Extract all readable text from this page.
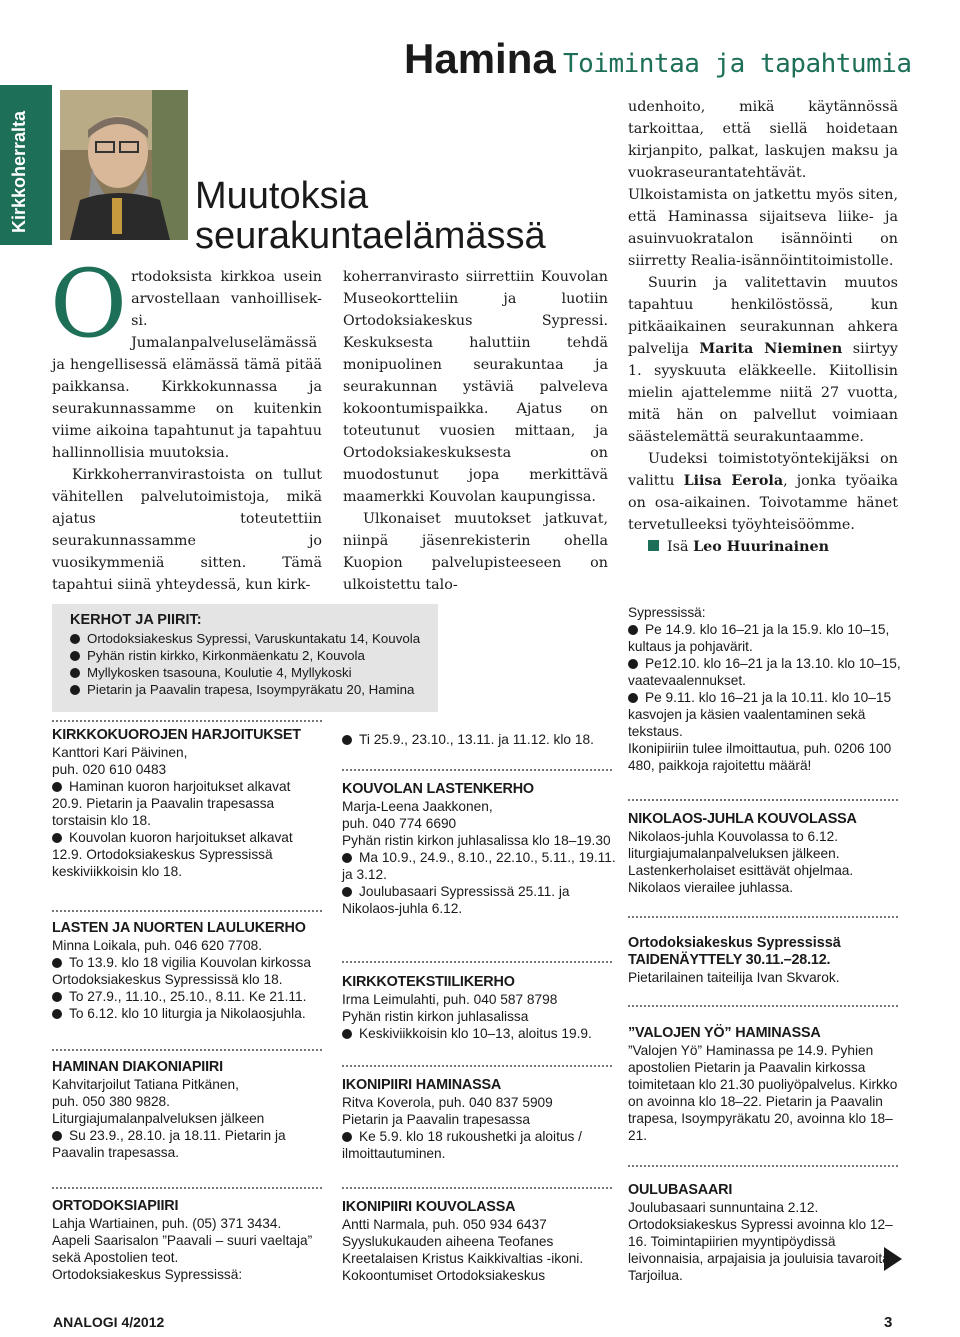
Kirkkoherralta
Hamina Toimintaa ja tapahtumia
Muutoksia
seurakuntaelämässä

Ortodoksista kirkkoa usein arvostellaan vanhoillisek-si. Jumalanpalveluselämässä ja hengellisessä elämässä tämä pitää paikkansa. Kirkkokunnassa ja seurakunnassamme on kuitenkin viime aikoina tapahtunut ja tapahtuu hallinnollisia muutoksia.

Kirkkoherranvirastoista on tullut vähitellen palvelutoimistoja, mikä ajatus toteutettiin seurakunnassamme jo vuosikymmeniä sitten. Tämä tapahtui siinä yhteydessä, kun kirk-

koherranvirasto siirrettiin Kouvolan Museokortteliin ja luotiin Ortodoksiakeskus Sypressi. Keskuksesta haluttiin tehdä monipuolinen seurakuntaa ja seurakunnan ystäviä palveleva kokoontumispaikka. Ajatus on toteutunut vuosien mittaan, ja Ortodoksiakeskuksesta on muodostunut jopa merkittävä maamerkki Kouvolan kaupungissa.

Ulkonaiset muutokset jatkuvat, niinpä jäsenrekisterin ohella Kuopion palvelupisteeseen on ulkoistettu talo-

udenhoito, mikä käytännössä tarkoittaa, että siellä hoidetaan kirjanpito, palkat, laskujen maksu ja vuokraseurantatehtävät. Ulkoistamista on jatkettu myös siten, että Haminassa sijaitseva liike- ja asuinvuokratalon isännöinti on siirretty Realia-isännöintitoimistolle.

Suurin ja valitettavin muutos tapahtuu henkilöstössä, kun pitkäaikainen seurakunnan ahkera palvelija Marita Nieminen siirtyy 1. syyskuuta eläkkeelle. Kiitollisin mielin ajattelemme niitä 27 vuotta, mitä hän on palvellut voimiaan säästelemättä seurakuntaamme.

Uudeksi toimistotyöntekijäksi on valittu Liisa Eerola, jonka työaika on osa-aikainen. Toivotamme hänet tervetulleeksi työyhteisöömme.

Isä Leo Huurinainen

KERHOT JA PIIRIT:
Ortodoksiakeskus Sypressi, Varuskuntakatu 14, Kouvola
Pyhän ristin kirkko, Kirkonmäenkatu 2, Kouvola
Myllykosken tsasouna, Koulutie 4, Myllykoski
Pietarin ja Paavalin trapesa, Isoympyräkatu 20, Hamina
KIRKKOKUOROJEN HARJOITUKSET
Kanttori Kari Päivinen,
puh. 020 610 0483
Haminan kuoron harjoitukset alkavat 20.9. Pietarin ja Paavalin trapesassa torstaisin klo 18.
Kouvolan kuoron harjoitukset alkavat 12.9. Ortodoksiakeskus Sypressissä keskiviikkoisin klo 18.
LASTEN JA NUORTEN LAULUKERHO
Minna Loikala, puh. 046 620 7708.
To 13.9. klo 18 vigilia Kouvolan kirkossa Ortodoksiakeskus Sypressissä klo 18.
To 27.9., 11.10., 25.10., 8.11. Ke 21.11.
To 6.12. klo 10 liturgia ja Nikolaosjuhla.
HAMINAN DIAKONIAPIIRI
Kahvitarjoilut Tatiana Pitkänen,
puh. 050 380 9828.
Liturgiajumalanpalveluksen jälkeen
Su 23.9., 28.10. ja 18.11. Pietarin ja Paavalin trapesassa.
ORTODOKSIAPIIRI
Lahja Wartiainen, puh. (05) 371 3434.
Aapeli Saarisalon ”Paavali – suuri vaeltaja” sekä Apostolien teot.
Ortodoksiakeskus Sypressissä:
Ti 25.9., 23.10., 13.11. ja 11.12. klo 18.
KOUVOLAN LASTENKERHO
Marja-Leena Jaakkonen,
puh. 040 774 6690
Pyhän ristin kirkon juhlasalissa klo 18–19.30
Ma 10.9., 24.9., 8.10., 22.10., 5.11., 19.11. ja 3.12.
Joulubasaari Sypressissä 25.11. ja Nikolaos-juhla 6.12.
KIRKKOTEKSTIILIKERHO
Irma Leimulahti, puh. 040 587 8798
Pyhän ristin kirkon juhlasalissa
Keskiviikkoisin klo 10–13, aloitus 19.9.
IKONIPIIRI HAMINASSA
Ritva Koverola, puh. 040 837 5909
Pietarin ja Paavalin trapesassa
Ke 5.9. klo 18 rukoushetki ja aloitus / ilmoittautuminen.
IKONIPIIRI KOUVOLASSA
Antti Narmala, puh. 050 934 6437
Syyslukukauden aiheena Teofanes Kreetalaisen Kristus Kaikkivaltias -ikoni. Kokoontumiset Ortodoksiakeskus
Sypressissä:
Pe 14.9. klo 16–21 ja la 15.9. klo 10–15, kultaus ja pohjavärit.
Pe12.10. klo 16–21 ja la 13.10. klo 10–15, vaatevaalennukset.
Pe 9.11. klo 16–21 ja la 10.11. klo 10–15 kasvojen ja käsien vaalentaminen sekä tekstaus.
Ikonipiiriin tulee ilmoittautua, puh. 0206 100 480, paikkoja rajoitettu määrä!
NIKOLAOS-JUHLA KOUVOLASSA
Nikolaos-juhla Kouvolassa to 6.12. liturgiajumalanpalveluksen jälkeen. Lastenkerholaiset esittävät ohjelmaa. Nikolaos vierailee juhlassa.
Ortodoksiakeskus Sypressissä
TAIDENÄYTTELY 30.11.–28.12.
Pietarilainen taiteilija Ivan Skvarok.
”VALOJEN YÖ” HAMINASSA
”Valojen Yö” Haminassa pe 14.9. Pyhien apostolien Pietarin ja Paavalin kirkossa toimitetaan klo 21.30 puoliyöpalvelus. Kirkko on avoinna klo 18–22. Pietarin ja Paavalin trapesa, Isoympyräkatu 20, avoinna klo 18–21.
OULUBASAARI
Joulubasaari sunnuntaina 2.12. Ortodoksiakeskus Sypressi avoinna klo 12–16. Toimintapiirien myyntipöydissä leivonnaisia, arpajaisia ja jouluisia tavaroita. Tarjoilua.
ANALOGI 4/2012	3
